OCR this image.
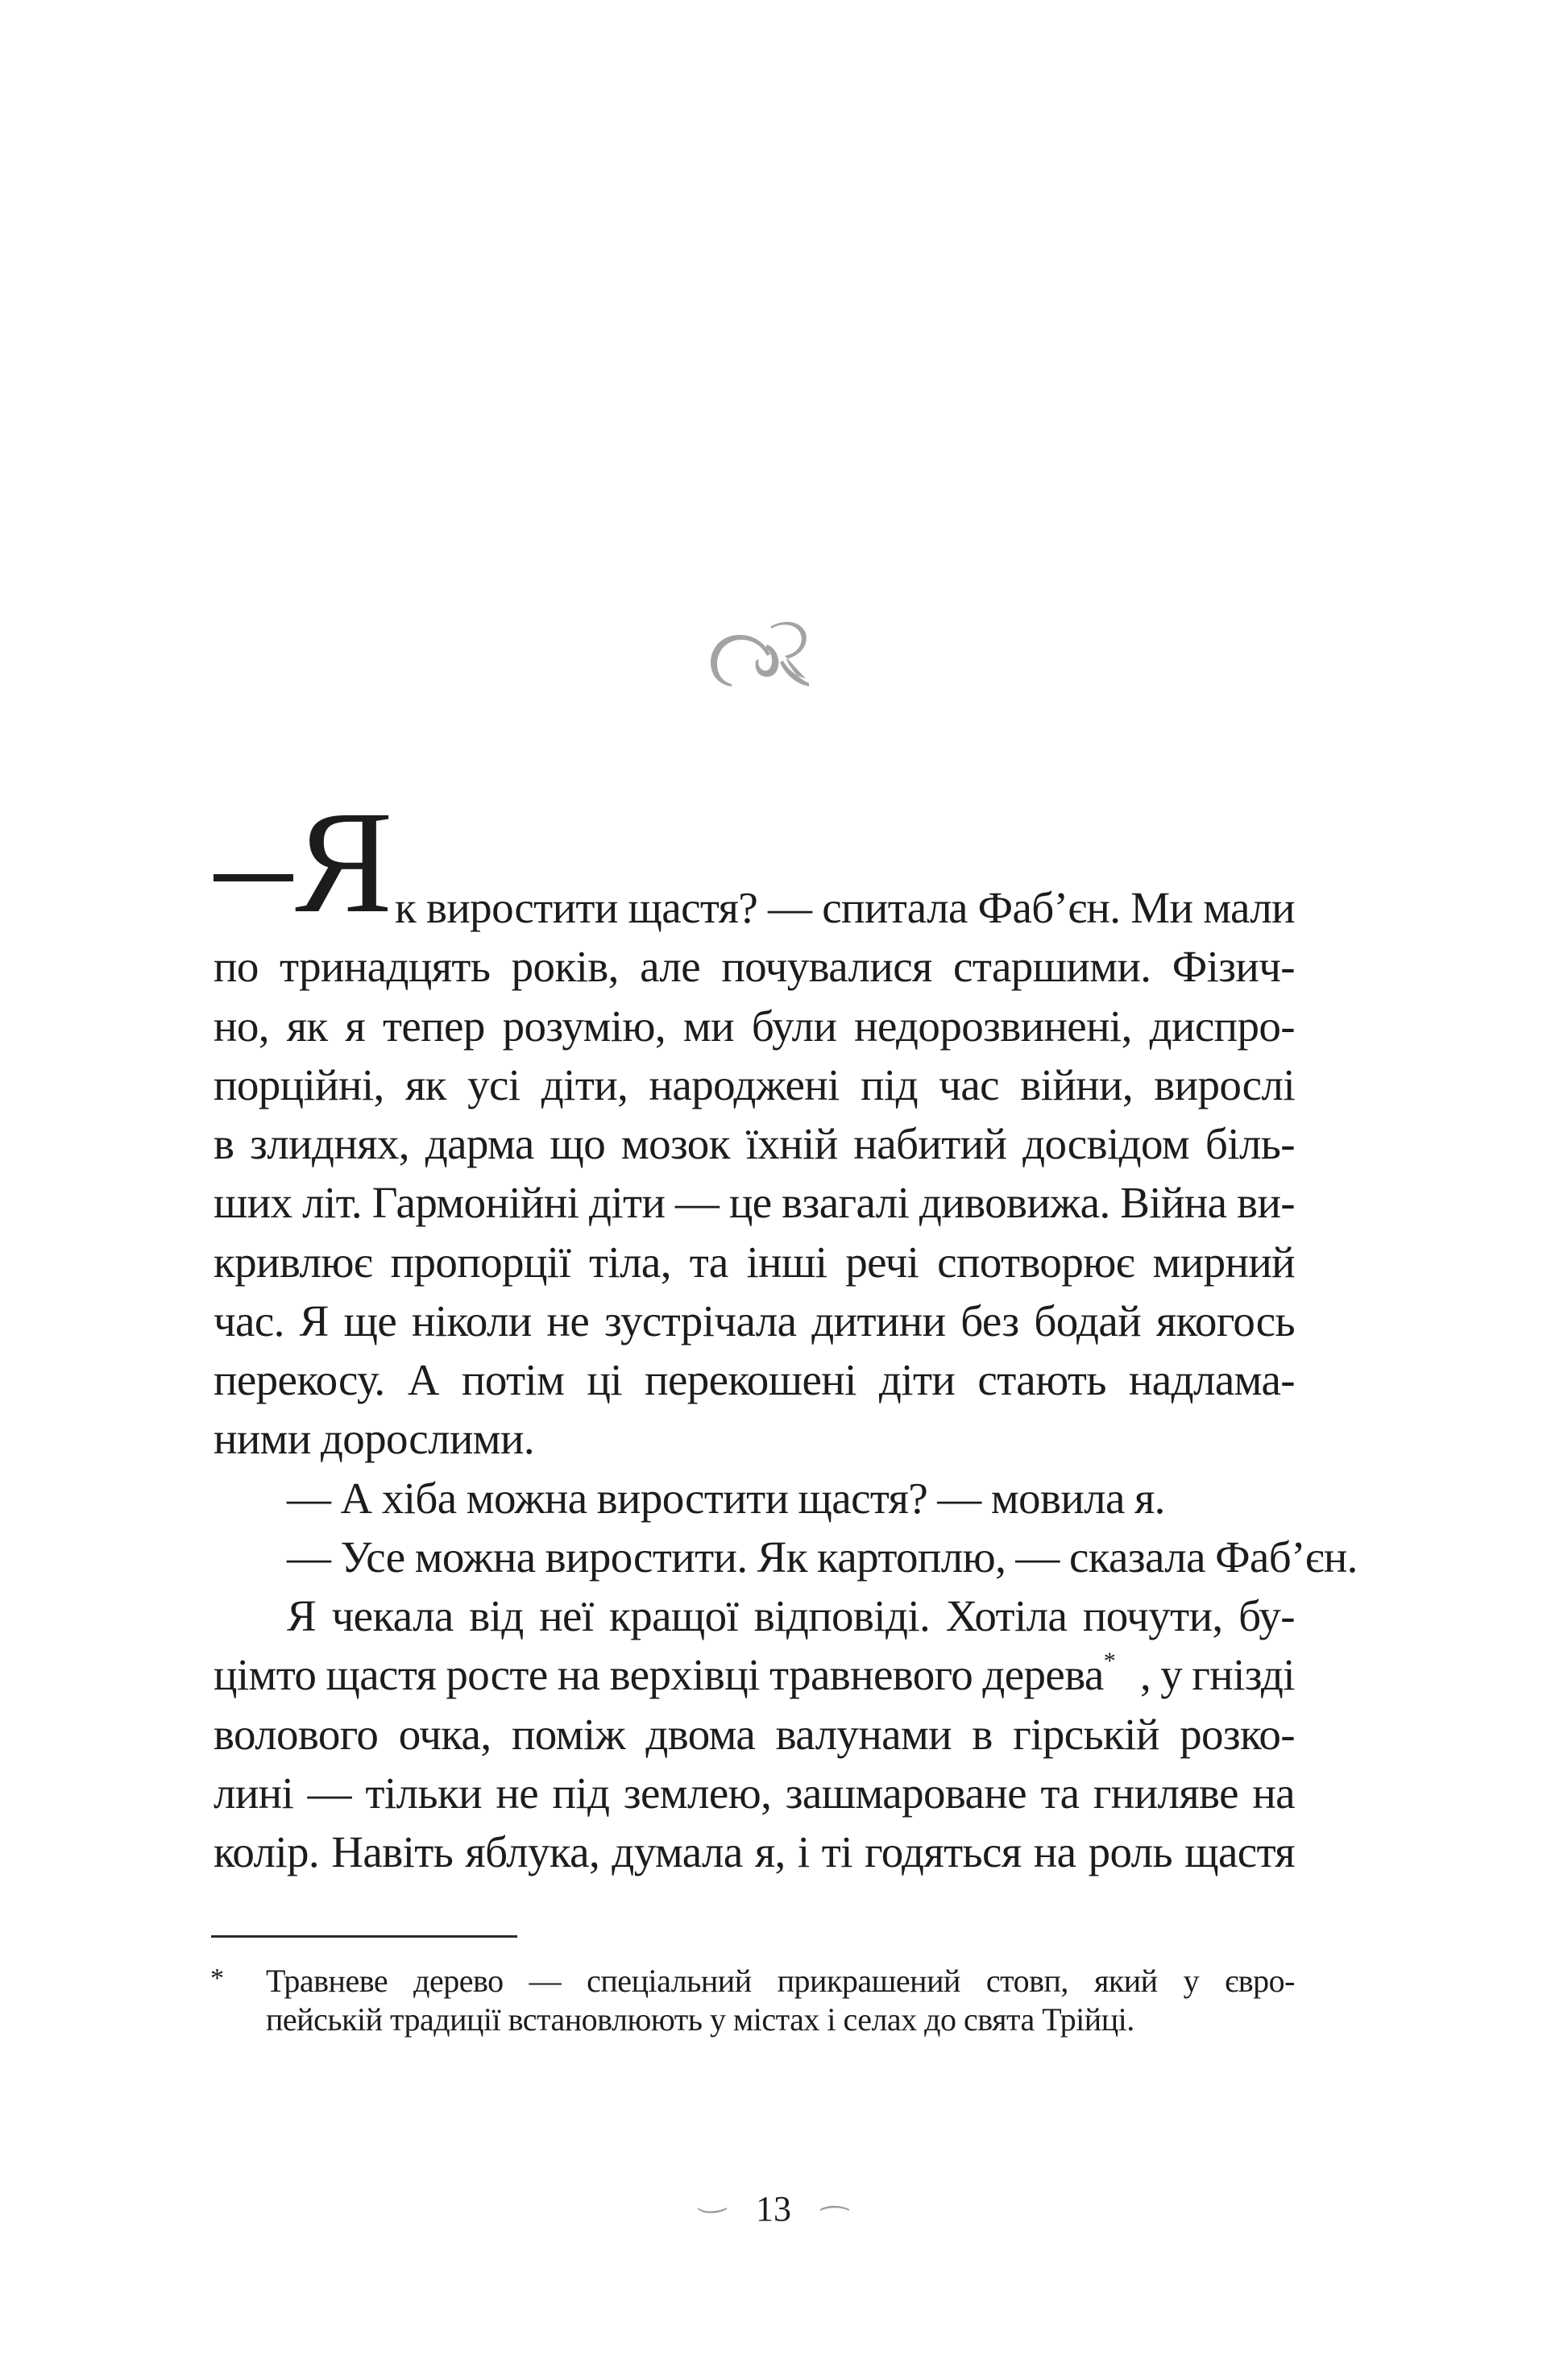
Я к виростити щастя? — спитала Фаб’єн. Ми мали
по тринадцять років, але почувалися старшими. Фізич-
но, як я тепер розумію, ми були недорозвинені, диспро-
порційні, як усі діти, народжені під час війни, вирослі
в злиднях, дарма що мозок їхній набитий досвідом біль-
ших літ. Гармонійні діти — це взагалі дивовижа. Війна ви-
кривлює пропорції тіла, та інші речі спотворює мирний
час. Я ще ніколи не зустрічала дитини без бодай якогось
перекосу. А потім ці перекошені діти стають надлама-
ними дорослими.
— А хіба можна виростити щастя? — мовила я.
— Усе можна виростити. Як картоплю, — сказала Фаб’єн.
Я чекала від неї кращої відповіді. Хотіла почути, бу-
цімто щастя росте на верхівці травневого дерева* , у гнізді
волового очка, поміж двома валунами в гірській розко-
лині — тільки не під землею, зашмароване та гниляве на
колір. Навіть яблука, думала я, і ті годяться на роль щастя
* Травневе дерево — спеціальний прикрашений стовп, який у євро-
пейській традиції встановлюють у містах і селах до свята Трійці.
13
